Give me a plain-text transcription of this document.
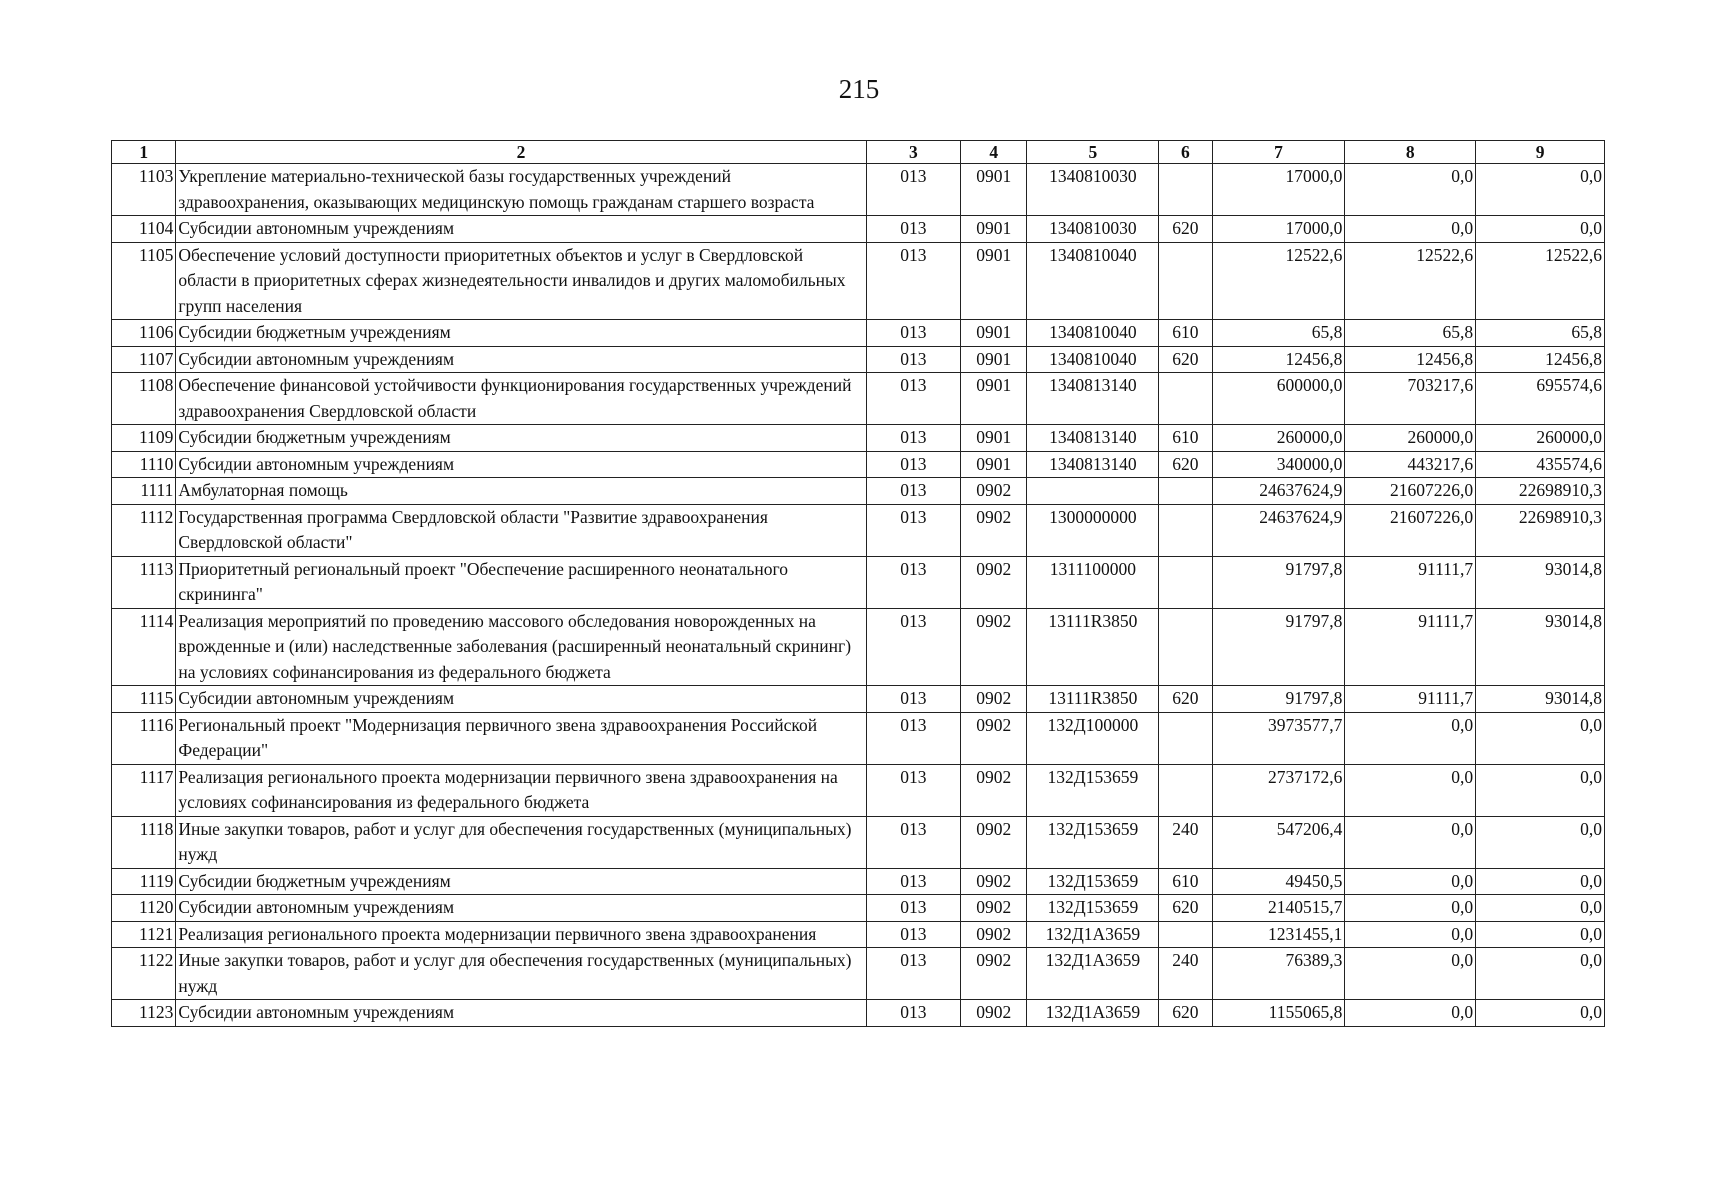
215
1	2	3	4	5	6	7	8	9
1103	Укрепление материально-технической базы государственных учреждений здравоохранения, оказывающих медицинскую помощь гражданам старшего возраста	013	0901	1340810030		17000,0	0,0	0,0
1104	Субсидии автономным учреждениям	013	0901	1340810030	620	17000,0	0,0	0,0
1105	Обеспечение условий доступности приоритетных объектов и услуг в Свердловской области в приоритетных сферах жизнедеятельности инвалидов и других маломобильных групп населения	013	0901	1340810040		12522,6	12522,6	12522,6
1106	Субсидии бюджетным учреждениям	013	0901	1340810040	610	65,8	65,8	65,8
1107	Субсидии автономным учреждениям	013	0901	1340810040	620	12456,8	12456,8	12456,8
1108	Обеспечение финансовой устойчивости функционирования государственных учреждений здравоохранения Свердловской области	013	0901	1340813140		600000,0	703217,6	695574,6
1109	Субсидии бюджетным учреждениям	013	0901	1340813140	610	260000,0	260000,0	260000,0
1110	Субсидии автономным учреждениям	013	0901	1340813140	620	340000,0	443217,6	435574,6
1111	Амбулаторная помощь	013	0902			24637624,9	21607226,0	22698910,3
1112	Государственная программа Свердловской области "Развитие здравоохранения Свердловской области"	013	0902	1300000000		24637624,9	21607226,0	22698910,3
1113	Приоритетный региональный проект "Обеспечение расширенного неонатального скрининга"	013	0902	1311100000		91797,8	91111,7	93014,8
1114	Реализация мероприятий по проведению массового обследования новорожденных на врожденные и (или) наследственные заболевания (расширенный неонатальный скрининг) на условиях софинансирования из федерального бюджета	013	0902	13111R3850		91797,8	91111,7	93014,8
1115	Субсидии автономным учреждениям	013	0902	13111R3850	620	91797,8	91111,7	93014,8
1116	Региональный проект "Модернизация первичного звена здравоохранения Российской Федерации"	013	0902	132Д100000		3973577,7	0,0	0,0
1117	Реализация регионального проекта модернизации первичного звена здравоохранения на условиях софинансирования из федерального бюджета	013	0902	132Д153659		2737172,6	0,0	0,0
1118	Иные закупки товаров, работ и услуг для обеспечения государственных (муниципальных) нужд	013	0902	132Д153659	240	547206,4	0,0	0,0
1119	Субсидии бюджетным учреждениям	013	0902	132Д153659	610	49450,5	0,0	0,0
1120	Субсидии автономным учреждениям	013	0902	132Д153659	620	2140515,7	0,0	0,0
1121	Реализация регионального проекта модернизации первичного звена здравоохранения	013	0902	132Д1А3659		1231455,1	0,0	0,0
1122	Иные закупки товаров, работ и услуг для обеспечения государственных (муниципальных) нужд	013	0902	132Д1А3659	240	76389,3	0,0	0,0
1123	Субсидии автономным учреждениям	013	0902	132Д1А3659	620	1155065,8	0,0	0,0
